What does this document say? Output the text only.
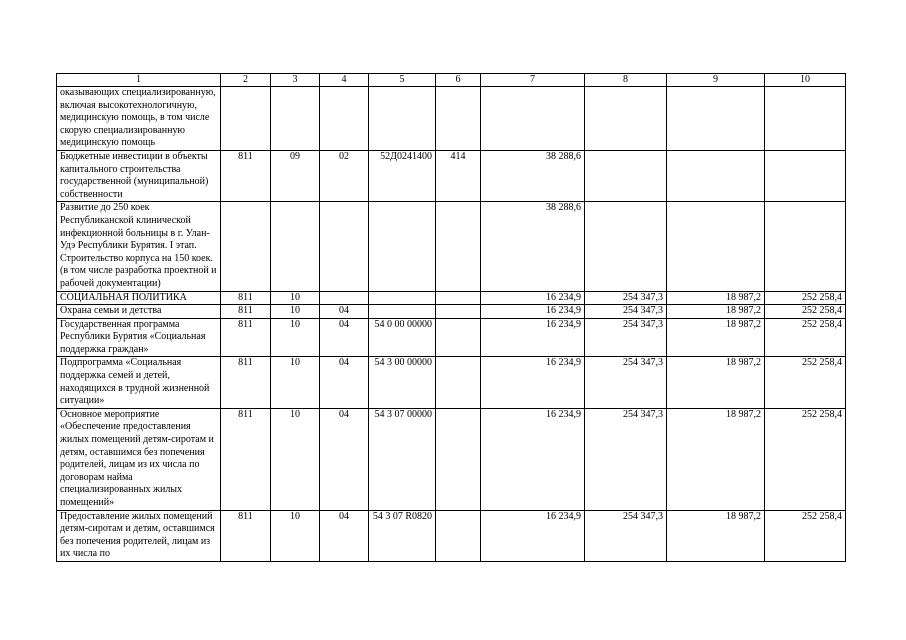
1	2	3	4	5	6	7	8	9	10
оказывающих специализированную, включая высокотехнологичную, медицинскую помощь, в том числе скорую специализированную медицинскую помощь									
Бюджетные инвестиции в объекты капитального строительства государственной (муниципальной) собственности	811	09	02	52Д0241400	414	38 288,6			
Развитие до 250 коек Республиканской клинической инфекционной больницы в г. Улан-Удэ Республики Бурятия. I этап. Строительство корпуса на 150 коек. (в том числе разработка проектной и рабочей документации)						38 288,6			
СОЦИАЛЬНАЯ ПОЛИТИКА	811	10				16 234,9	254 347,3	18 987,2	252 258,4
Охрана семьи и детства	811	10	04			16 234,9	254 347,3	18 987,2	252 258,4
Государственная программа Республики Бурятия «Социальная поддержка граждан»	811	10	04	54 0 00 00000		16 234,9	254 347,3	18 987,2	252 258,4
Подпрограмма «Социальная поддержка семей и детей, находящихся в трудной жизненной ситуации»	811	10	04	54 3 00 00000		16 234,9	254 347,3	18 987,2	252 258,4
Основное мероприятие «Обеспечение предоставления жилых помещений детям-сиротам и детям, оставшимся без попечения родителей, лицам из их числа по договорам найма специализированных жилых помещений»	811	10	04	54 3 07 00000		16 234,9	254 347,3	18 987,2	252 258,4
Предоставление жилых помещений детям-сиротам и детям, оставшимся без попечения родителей, лицам из их числа по	811	10	04	54 3 07 R0820		16 234,9	254 347,3	18 987,2	252 258,4
